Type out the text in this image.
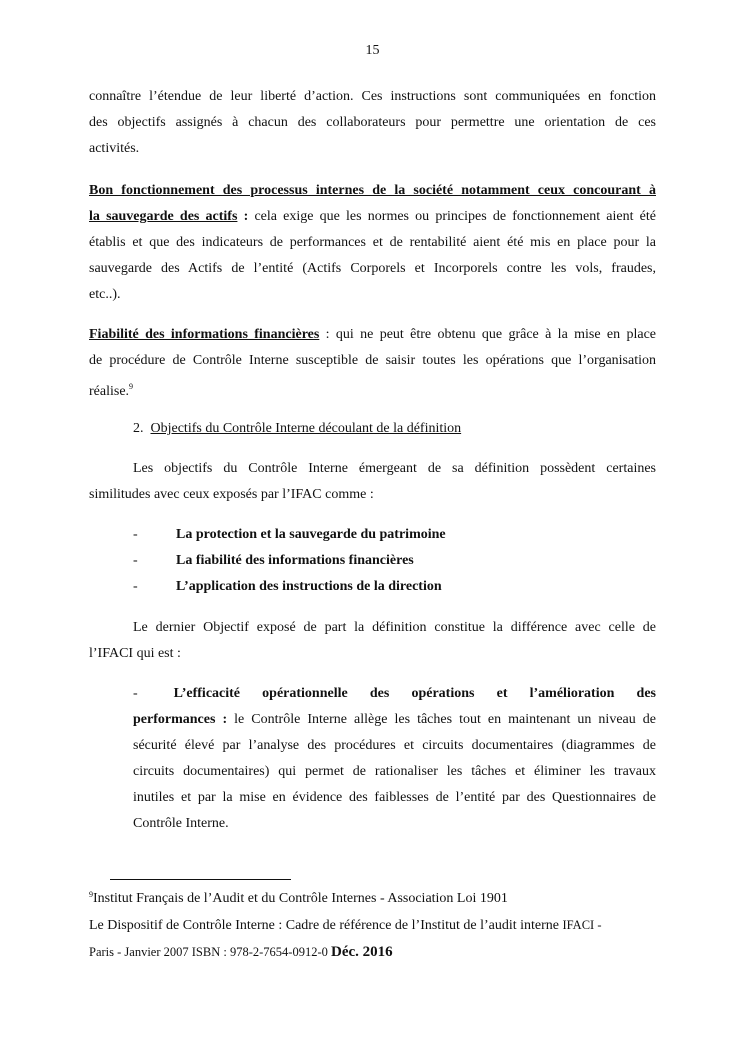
15

connaître l’étendue de leur liberté d’action. Ces instructions sont communiquées en fonction

des objectifs assignés à chacun des collaborateurs pour permettre une orientation de ces

activités.

Bon fonctionnement des processus internes de la société notamment ceux concourant à

la sauvegarde des actifs : cela exige que les normes ou principes de fonctionnement aient été

établis et que des indicateurs de performances et de rentabilité aient été mis en place pour la

sauvegarde des Actifs de l’entité (Actifs Corporels et Incorporels contre les vols, fraudes,

etc..).

Fiabilité des informations financières : qui ne peut être obtenu que grâce à la mise en place

de procédure de Contrôle Interne susceptible de saisir toutes les opérations que l’organisation

réalise.$^9$

2. Objectifs du Contrôle Interne découlant de la définition

Les objectifs du Contrôle Interne émergeant de sa définition possèdent certaines

similitudes avec ceux exposés par l’IFAC comme :

-	La protection et la sauvegarde du patrimoine
-	La fiabilité des informations financières
-	L’application des instructions de la direction

Le dernier Objectif exposé de part la définition constitue la différence avec celle de

l’IFACI qui est :

-	L’efficacité opérationnelle des opérations et l’amélioration des

performances : le Contrôle Interne allège les tâches tout en maintenant un niveau de

sécurité élevé par l’analyse des procédures et circuits documentaires (diagrammes de

circuits documentaires) qui permet de rationaliser les tâches et éliminer les travaux

inutiles et par la mise en évidence des faiblesses de l’entité par des Questionnaires de

Contrôle Interne.

$^9$Institut Français de l’Audit et du Contrôle Internes - Association Loi 1901

Le Dispositif de Contrôle Interne : Cadre de référence de l’Institut de l’audit interne IFACI -

Paris - Janvier 2007 ISBN : 978-2-7654-0912-0 Déc. 2016
